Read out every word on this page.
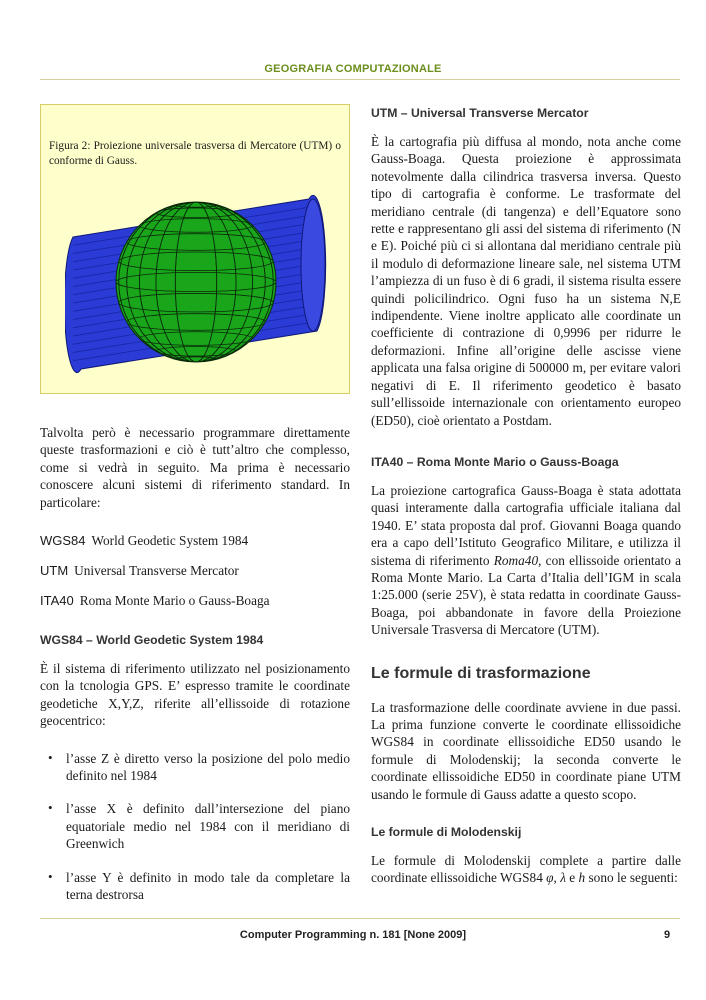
GEOGRAFIA COMPUTAZIONALE
Figura 2: Proiezione universale trasversa di Mercatore (UTM) o conforme di Gauss.

Talvolta però è necessario programmare direttamente queste trasformazioni e ciò è tutt’altro che complesso, come si vedrà in seguito. Ma prima è necessario conoscere alcuni sistemi di riferimento standard. In particolare:

WGS84 World Geodetic System 1984
UTM Universal Transverse Mercator
ITA40 Roma Monte Mario o Gauss-Boaga
WGS84 – World Geodetic System 1984

È il sistema di riferimento utilizzato nel posizionamento con la tcnologia GPS. E’ espresso tramite le coordinate geodetiche X,Y,Z, riferite all’ellissoide di rotazione geocentrico:

• l’asse Z è diretto verso la posizione del polo medio definito nel 1984

• l’asse X è definito dall’intersezione del piano equatoriale medio nel 1984 con il meridiano di Greenwich

• l’asse Y è definito in modo tale da completare la terna destrorsa

UTM – Universal Transverse Mercator

È la cartografia più diffusa al mondo, nota anche come Gauss-Boaga. Questa proiezione è approssimata notevolmente dalla cilindrica trasversa inversa. Questo tipo di cartografia è conforme. Le trasformate del meridiano centrale (di tangenza) e dell’Equatore sono rette e rappresentano gli assi del sistema di riferimento (N e E). Poiché più ci si allontana dal meridiano centrale più il modulo di deformazione lineare sale, nel sistema UTM l’ampiezza di un fuso è di 6 gradi, il sistema risulta essere quindi policilindrico. Ogni fuso ha un sistema N,E indipendente. Viene inoltre applicato alle coordinate un coefficiente di contrazione di 0,9996 per ridurre le deformazioni. Infine all’origine delle ascisse viene applicata una falsa origine di 500000 m, per evitare valori negativi di E. Il riferimento geodetico è basato sull’ellissoide internazionale con orientamento europeo (ED50), cioè orientato a Postdam.

ITA40 – Roma Monte Mario o Gauss-Boaga

La proiezione cartografica Gauss-Boaga è stata adottata quasi interamente dalla cartografia ufficiale italiana dal 1940. E’ stata proposta dal prof. Giovanni Boaga quando era a capo dell’Istituto Geografico Militare, e utilizza il sistema di riferimento Roma40, con ellissoide orientato a Roma Monte Mario. La Carta d’Italia dell’IGM in scala 1:25.000 (serie 25V), è stata redatta in coordinate Gauss-Boaga, poi abbandonate in favore della Proiezione Universale Trasversa di Mercatore (UTM).

Le formule di trasformazione

La trasformazione delle coordinate avviene in due passi. La prima funzione converte le coordinate ellissoidiche WGS84 in coordinate ellissoidiche ED50 usando le formule di Molodenskij; la seconda converte le coordinate ellissoidiche ED50 in coordinate piane UTM usando le formule di Gauss adatte a questo scopo.

Le formule di Molodenskij

Le formule di Molodenskij complete a partire dalle coordinate ellissoidiche WGS84 φ, λ e h sono le seguenti:

Computer Programming n. 181 [None 2009]	9
